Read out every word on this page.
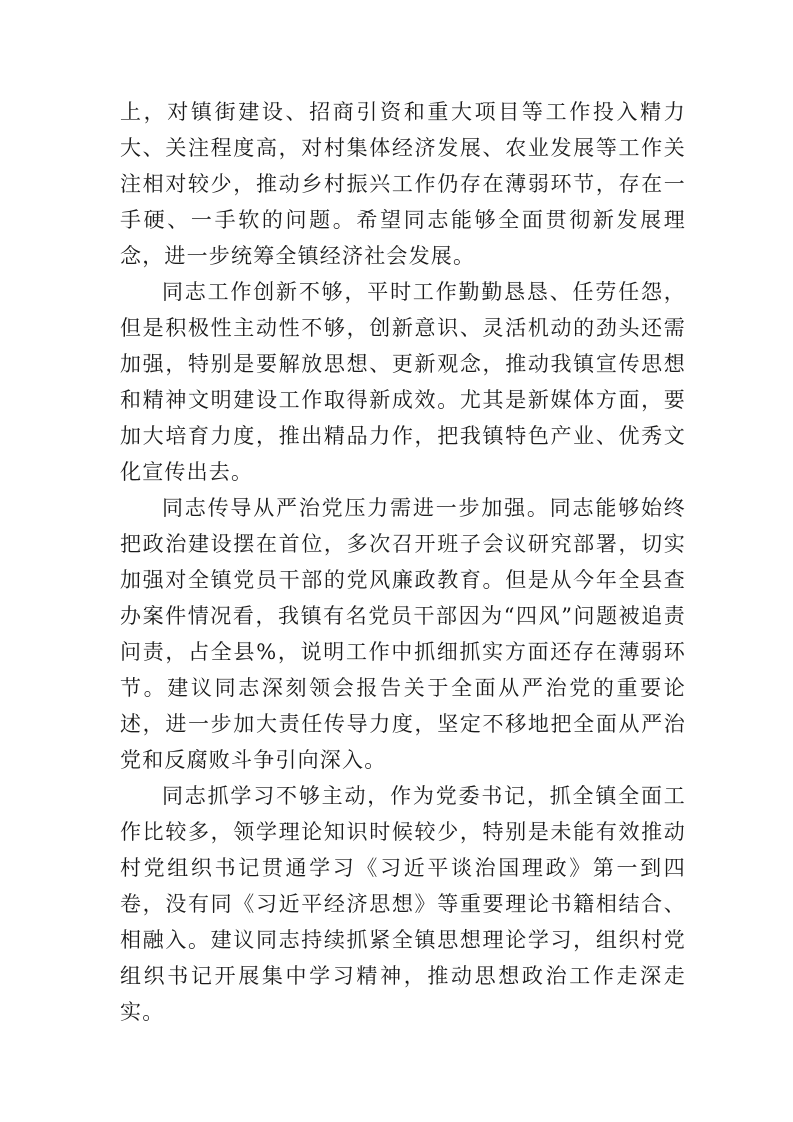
上，对镇街建设、招商引资和重大项目等工作投入精力大、关注程度高，对村集体经济发展、农业发展等工作关注相对较少，推动乡村振兴工作仍存在薄弱环节，存在一手硬、一手软的问题。希望同志能够全面贯彻新发展理念，进一步统筹全镇经济社会发展。

同志工作创新不够，平时工作勤勤恳恳、任劳任怨，但是积极性主动性不够，创新意识、灵活机动的劲头还需加强，特别是要解放思想、更新观念，推动我镇宣传思想和精神文明建设工作取得新成效。尤其是新媒体方面，要加大培育力度，推出精品力作，把我镇特色产业、优秀文化宣传出去。

同志传导从严治党压力需进一步加强。同志能够始终把政治建设摆在首位，多次召开班子会议研究部署，切实加强对全镇党员干部的党风廉政教育。但是从今年全县查办案件情况看，我镇有名党员干部因为“四风”问题被追责问责，占全县%，说明工作中抓细抓实方面还存在薄弱环节。建议同志深刻领会报告关于全面从严治党的重要论述，进一步加大责任传导力度，坚定不移地把全面从严治党和反腐败斗争引向深入。

同志抓学习不够主动，作为党委书记，抓全镇全面工作比较多，领学理论知识时候较少，特别是未能有效推动村党组织书记贯通学习《习近平谈治国理政》第一到四卷，没有同《习近平经济思想》等重要理论书籍相结合、相融入。建议同志持续抓紧全镇思想理论学习，组织村党组织书记开展集中学习精神，推动思想政治工作走深走实。
